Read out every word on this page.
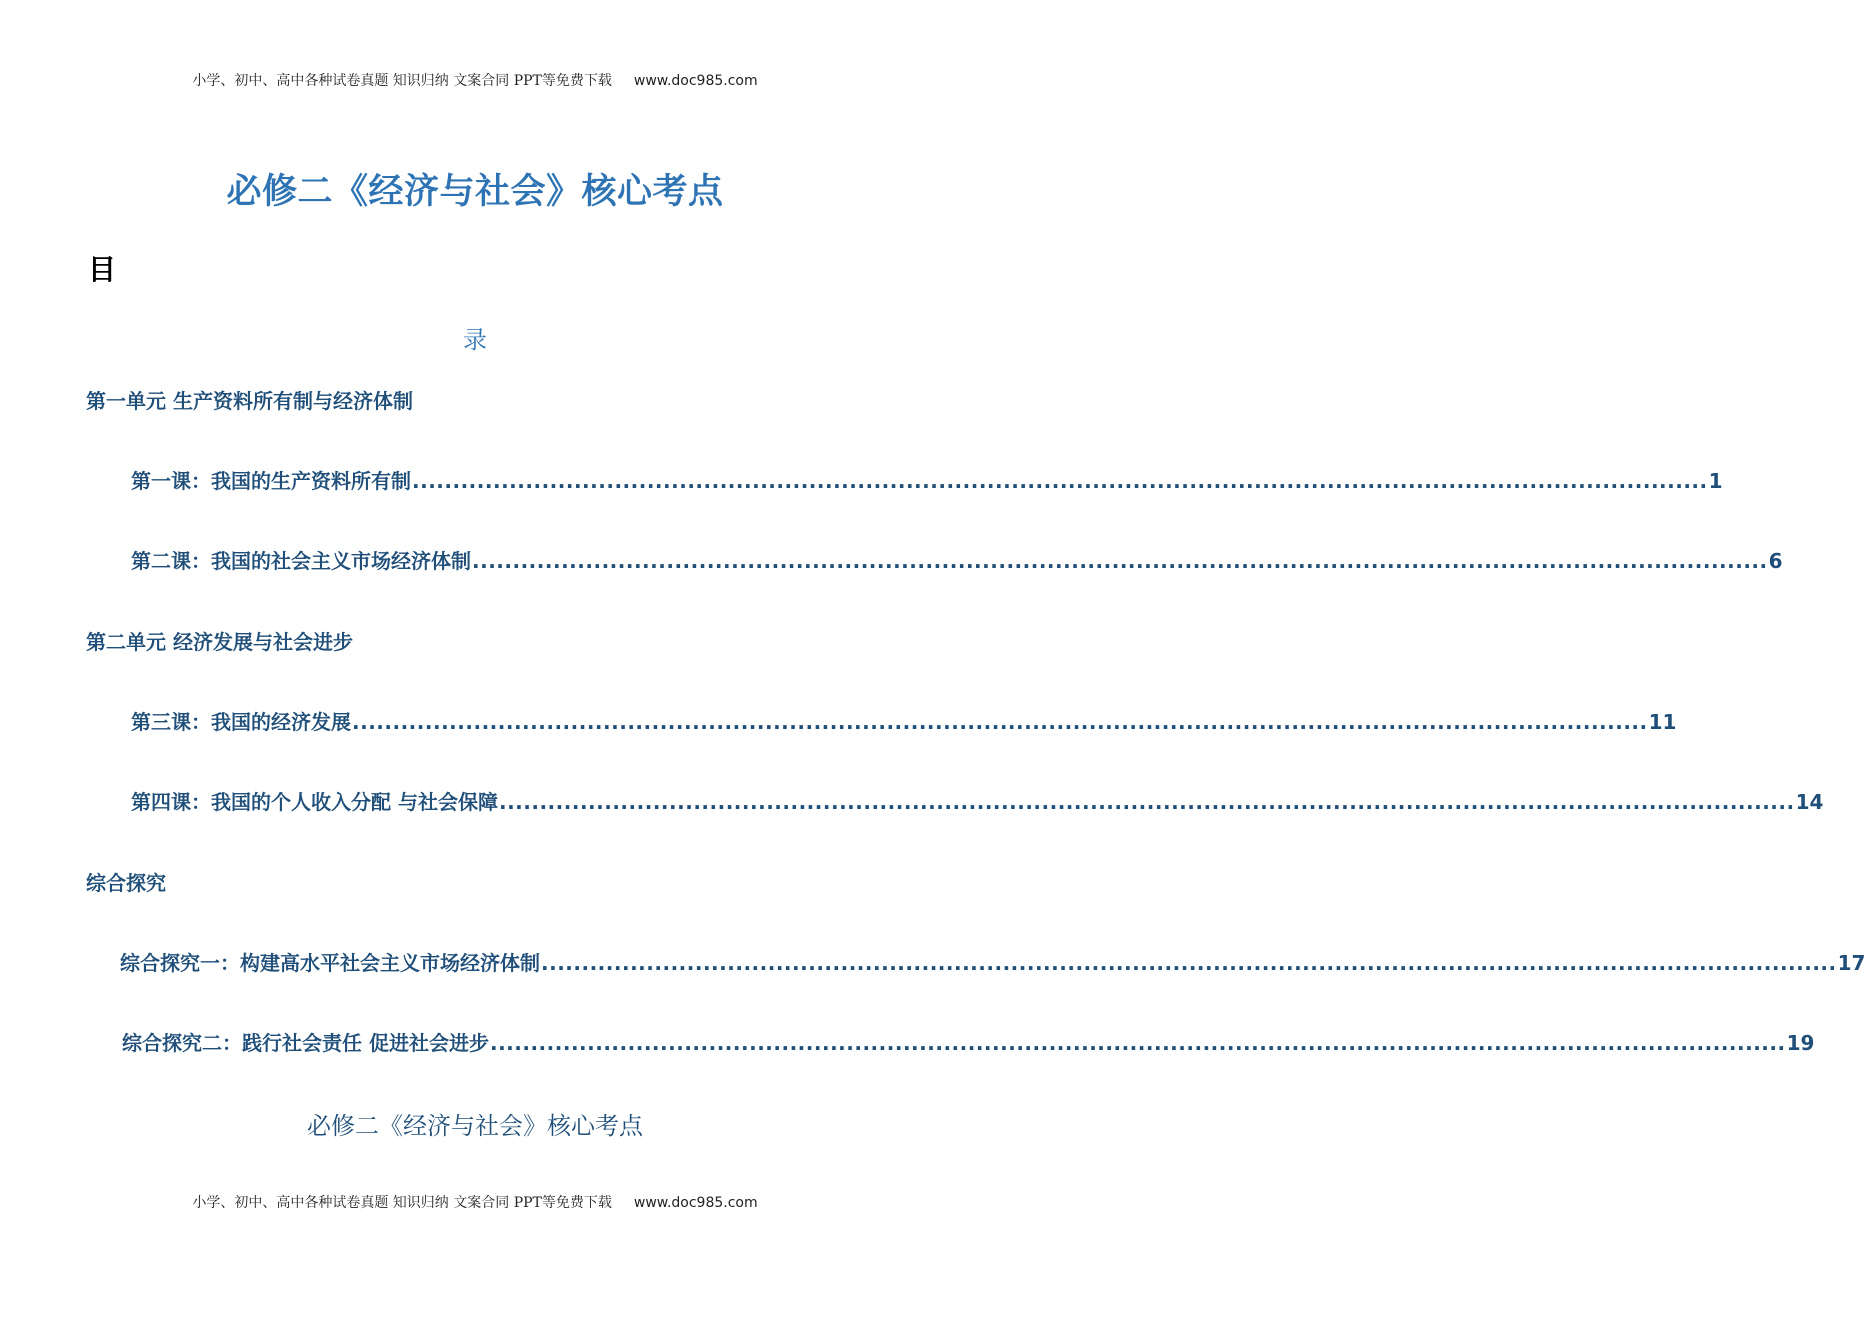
小学、初中、高中各种试卷真题 知识归纳 文案合同 PPT等免费下载 www.doc985.com
必修二《经济与社会》核心考点
目
录
第一单元 生产资料所有制与经济体制
第一课：我国的生产资料所有制 ................................................................................................................................................................ 1
第二课：我国的社会主义市场经济体制 ................................................................................................................................................................ 6
第二单元 经济发展与社会进步
第三课：我国的经济发展 ................................................................................................................................................................ 11
第四课：我国的个人收入分配 与社会保障 ................................................................................................................................................................ 14
综合探究
综合探究一：构建高水平社会主义市场经济体制 ................................................................................................................................................................ 17
综合探究二：践行社会责任 促进社会进步 ................................................................................................................................................................ 19
必修二《经济与社会》核心考点
小学、初中、高中各种试卷真题 知识归纳 文案合同 PPT等免费下载 www.doc985.com
